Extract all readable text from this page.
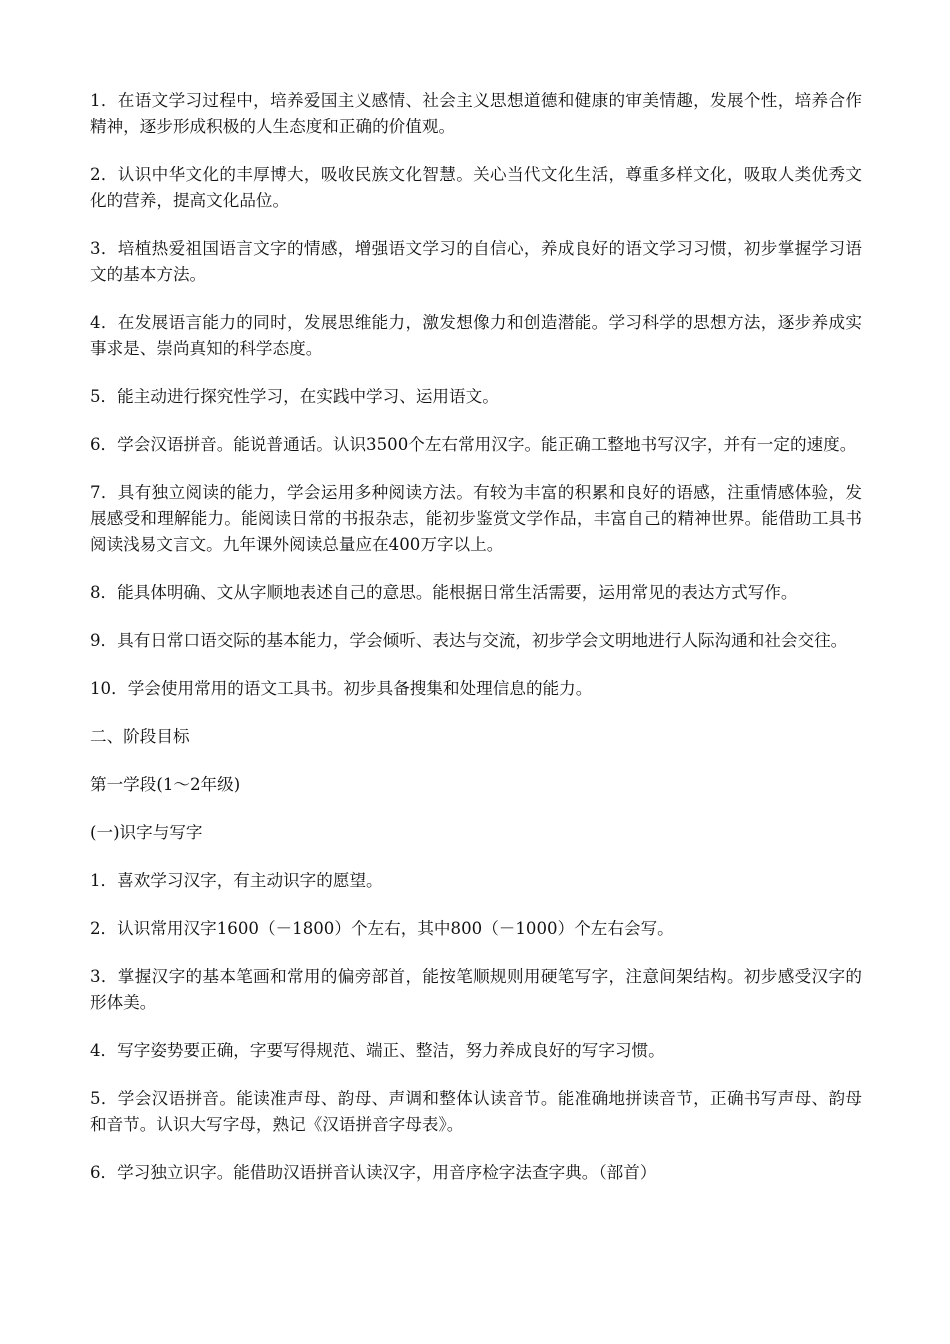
1．在语文学习过程中，培养爱国主义感情、社会主义思想道德和健康的审美情趣，发展个性，培养合作精神，逐步形成积极的人生态度和正确的价值观。

2．认识中华文化的丰厚博大，吸收民族文化智慧。关心当代文化生活，尊重多样文化，吸取人类优秀文化的营养，提高文化品位。

3．培植热爱祖国语言文字的情感，增强语文学习的自信心，养成良好的语文学习习惯，初步掌握学习语文的基本方法。

4．在发展语言能力的同时，发展思维能力，激发想像力和创造潜能。学习科学的思想方法，逐步养成实事求是、崇尚真知的科学态度。

5．能主动进行探究性学习，在实践中学习、运用语文。

6．学会汉语拼音。能说普通话。认识3500个左右常用汉字。能正确工整地书写汉字，并有一定的速度。

7．具有独立阅读的能力，学会运用多种阅读方法。有较为丰富的积累和良好的语感，注重情感体验，发展感受和理解能力。能阅读日常的书报杂志，能初步鉴赏文学作品，丰富自己的精神世界。能借助工具书阅读浅易文言文。九年课外阅读总量应在400万字以上。

8．能具体明确、文从字顺地表述自己的意思。能根据日常生活需要，运用常见的表达方式写作。

9．具有日常口语交际的基本能力，学会倾听、表达与交流，初步学会文明地进行人际沟通和社会交往。

10．学会使用常用的语文工具书。初步具备搜集和处理信息的能力。

二、阶段目标

第一学段(1～2年级)

(一)识字与写字

1．喜欢学习汉字，有主动识字的愿望。

2．认识常用汉字1600（－1800）个左右，其中800（－1000）个左右会写。

3．掌握汉字的基本笔画和常用的偏旁部首，能按笔顺规则用硬笔写字，注意间架结构。初步感受汉字的形体美。

4．写字姿势要正确，字要写得规范、端正、整洁，努力养成良好的写字习惯。

5．学会汉语拼音。能读准声母、韵母、声调和整体认读音节。能准确地拼读音节，正确书写声母、韵母和音节。认识大写字母，熟记《汉语拼音字母表》。

6．学习独立识字。能借助汉语拼音认读汉字，用音序检字法查字典。（部首）
